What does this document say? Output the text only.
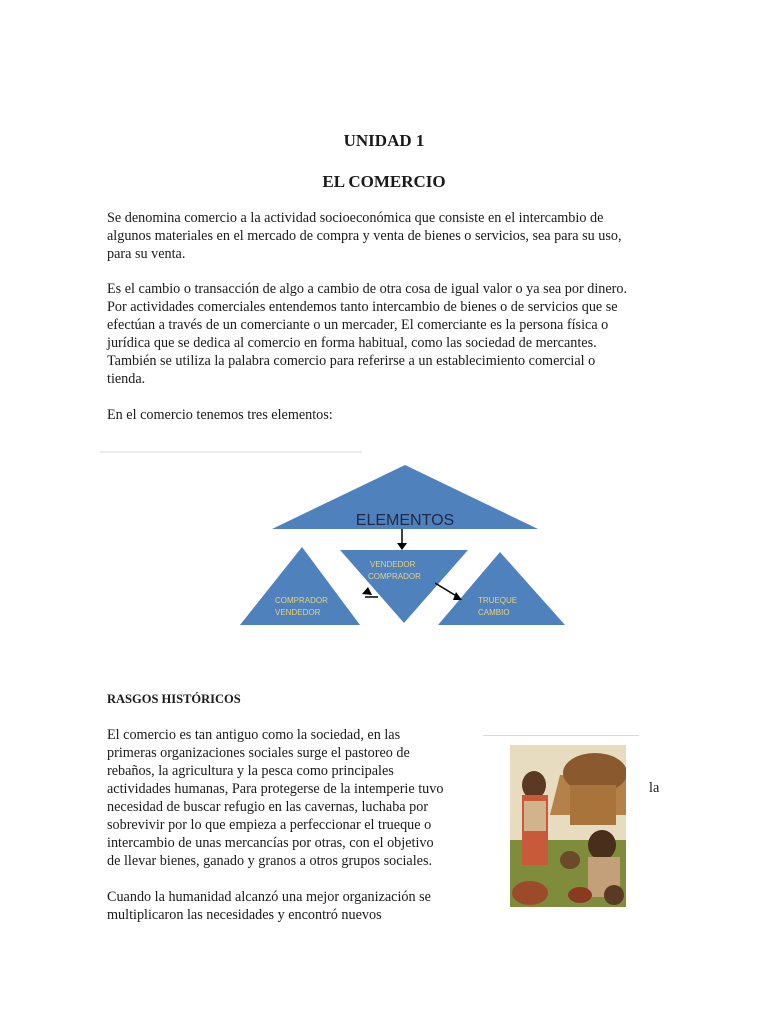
UNIDAD 1
EL COMERCIO
Se denomina comercio a la actividad socioeconómica que consiste en el intercambio de
algunos materiales en el mercado de compra y venta de bienes o servicios, sea para su uso,
para su venta.
Es el cambio o transacción de algo a cambio de otra cosa de igual valor o ya sea por dinero.
Por actividades comerciales entendemos tanto intercambio de bienes o de servicios que se
efectúan a través de un comerciante o un mercader, El comerciante es la persona física o
jurídica que se dedica al comercio en forma habitual, como las sociedad de mercantes.
También se utiliza la palabra comercio para referirse a un establecimiento comercial o
tienda.
En el comercio tenemos tres elementos:
ELEMENTOS
VENDEDOR
COMPRADOR
COMPRADOR
VENDEDOR
TRUEQUE
CAMBIO
RASGOS HISTÓRICOS
El comercio es tan antiguo como la sociedad, en las
primeras organizaciones sociales surge el pastoreo de
rebaños, la agricultura y la pesca como principales
actividades humanas, Para protegerse de la intemperie tuvo
necesidad de buscar refugio en las cavernas, luchaba por
sobrevivir por lo que empieza a perfeccionar el trueque o
intercambio de unas mercancías por otras, con el objetivo
de llevar bienes, ganado y granos a otros grupos sociales.
la
Cuando la humanidad alcanzó una mejor organización se
multiplicaron las necesidades y encontró nuevos
